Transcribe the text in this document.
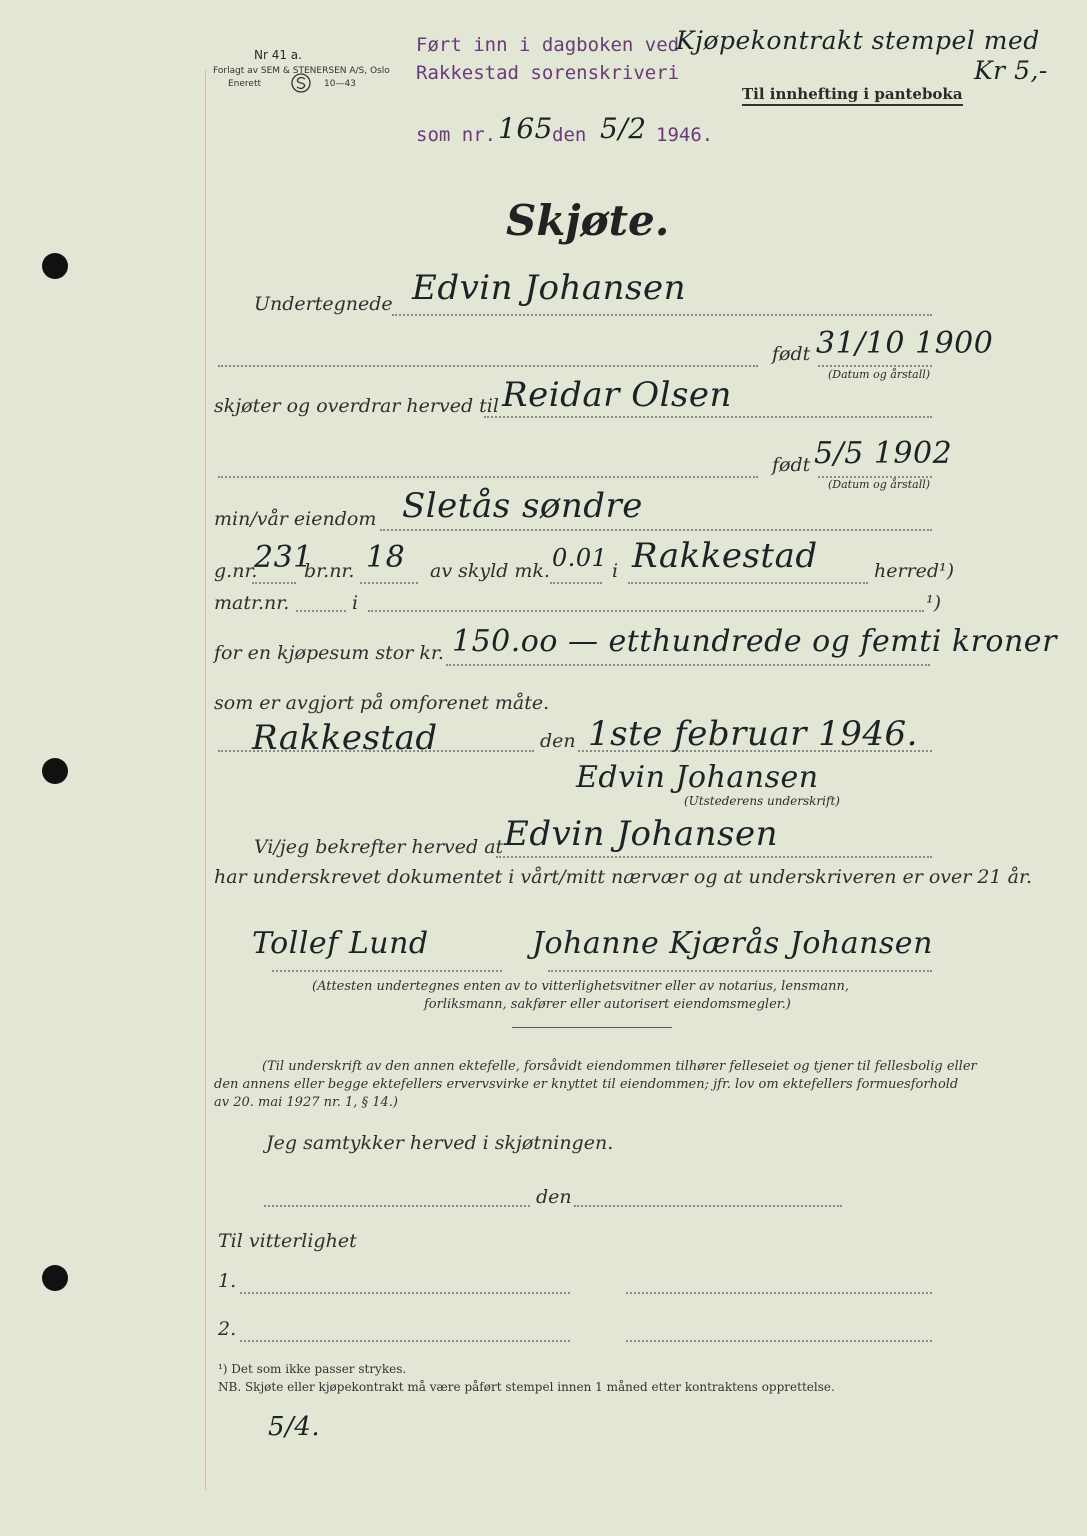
Nr 41 a.
Forlagt av SEM & STENERSEN A/S, Oslo
Enerett	10—43
Ført inn i dagboken ved
Rakkestad sorenskriveri
som nr. 165 den 5/2 1946.
Kjøpekontrakt stempel med
Kr 5,-
Til innhefting i panteboka
Skjøte.
Undertegnede Edvin Johansen
født 31/10 1900
(Datum og årstall)
skjøter og overdrar herved til Reidar Olsen
født 5/5 1902
(Datum og årstall)
min/vår eiendom Sletås søndre
g.nr.
231
br.nr. 18 av skyld mk. 0.01 i Rakkestad	herred¹)
matr.nr.	i	¹)
for en kjøpesum stor kr. 150.oo — etthundrede og femti kroner
som er avgjort på omforenet måte.
Rakkestad	den 1ste februar 1946.
Edvin Johansen
(Utstederens underskrift)
Vi/jeg bekrefter herved at Edvin Johansen
har underskrevet dokumentet i vårt/mitt nærvær og at underskriveren er over 21 år.
Tollef Lund	Johanne Kjærås Johansen
(Attesten undertegnes enten av to vitterlighetsvitner eller av notarius, lensmann,
forliksmann, sakfører eller autorisert eiendomsmegler.)
(Til underskrift av den annen ektefelle, forsåvidt eiendommen tilhører felleseiet og tjener til fellesbolig eller
den annens eller begge ektefellers ervervsvirke er knyttet til eiendommen; jfr. lov om ektefellers formuesforhold
av 20. mai 1927 nr. 1, § 14.)
Jeg samtykker herved i skjøtningen.
den
Til vitterlighet
1.
2.
¹) Det som ikke passer strykes.
NB. Skjøte eller kjøpekontrakt må være påført stempel innen 1 måned etter kontraktens opprettelse.
5/4.
